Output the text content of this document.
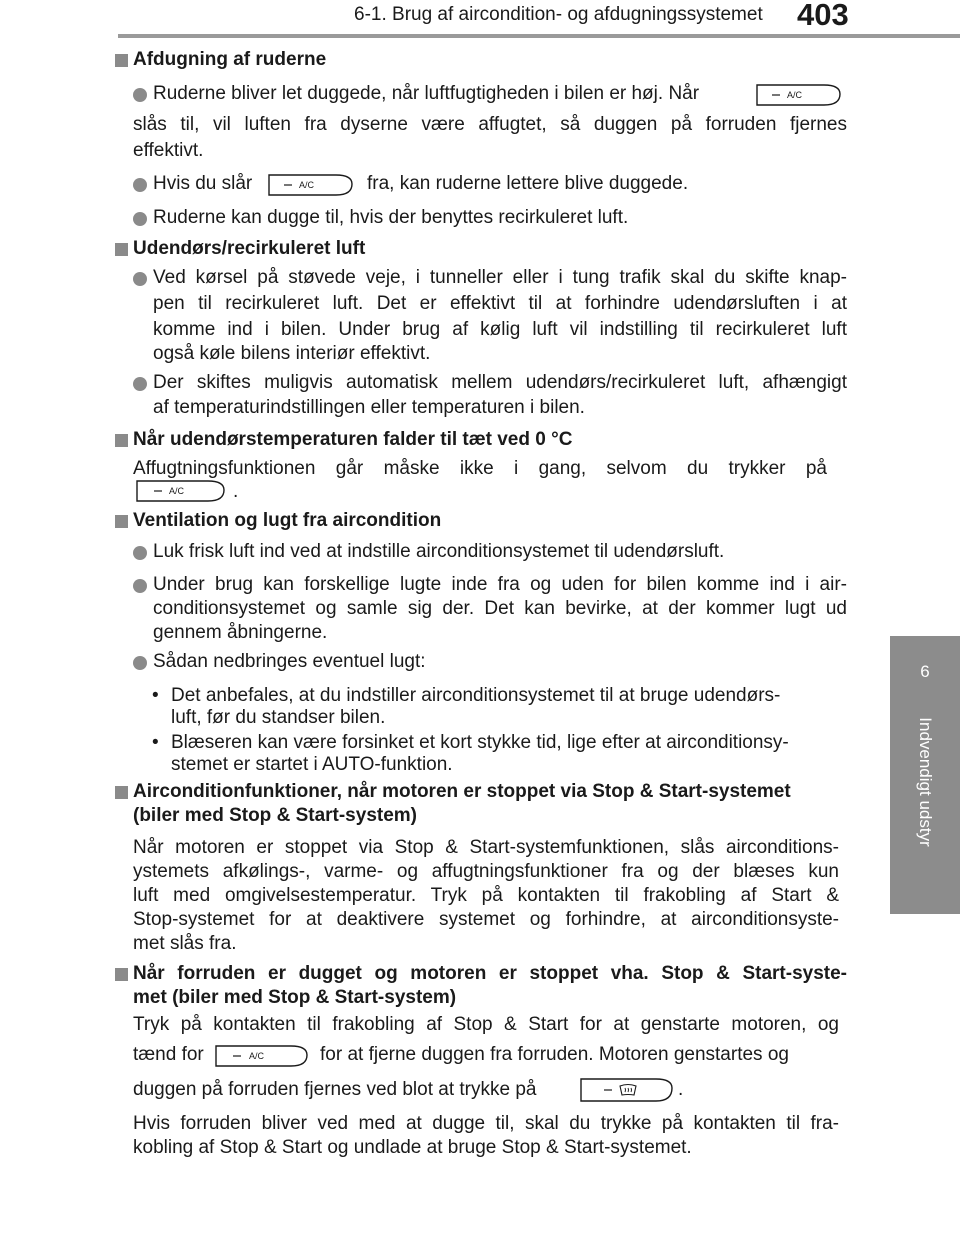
6-1. Brug af aircondition- og afdugningssystemet 403
6
Indvendigt udstyr
Afdugning af ruderne
Ruderne bliver let duggede, når luftfugtigheden i bilen er høj. Når	A/C
slås til, vil luften fra dyserne være affugtet, så duggen på forruden fjernes
effektivt.
Hvis du slår	A/C	fra, kan ruderne lettere blive duggede.
Ruderne kan dugge til, hvis der benyttes recirkuleret luft.
Udendørs/recirkuleret luft
Ved kørsel på støvede veje, i tunneller eller i tung trafik skal du skifte knap-
pen til recirkuleret luft. Det er effektivt til at forhindre udendørsluften i at
komme ind i bilen. Under brug af kølig luft vil indstilling til recirkuleret luft
også køle bilens interiør effektivt.
Der skiftes muligvis automatisk mellem udendørs/recirkuleret luft, afhængigt
af temperaturindstillingen eller temperaturen i bilen.
Når udendørstemperaturen falder til tæt ved 0 °C
Affugtningsfunktionen går måske ikke i gang, selvom du trykker på
A/C	.
Ventilation og lugt fra aircondition
Luk frisk luft ind ved at indstille airconditionsystemet til udendørsluft.
Under brug kan forskellige lugte inde fra og uden for bilen komme ind i air-
conditionsystemet og samle sig der. Det kan bevirke, at der kommer lugt ud
gennem åbningerne.
Sådan nedbringes eventuel lugt:
• Det anbefales, at du indstiller airconditionsystemet til at bruge udendørs-
luft, før du standser bilen.
• Blæseren kan være forsinket et kort stykke tid, lige efter at airconditionsy-
stemet er startet i AUTO-funktion.
Airconditionfunktioner, når motoren er stoppet via Stop & Start-systemet
(biler med Stop & Start-system)
Når motoren er stoppet via Stop & Start-systemfunktionen, slås airconditions-
ystemets afkølings-, varme- og affugtningsfunktioner fra og der blæses kun
luft med omgivelsestemperatur. Tryk på kontakten til frakobling af Start &
Stop-systemet for at deaktivere systemet og forhindre, at airconditionsyste-
met slås fra.
Når forruden er dugget og motoren er stoppet vha. Stop & Start-syste-
met (biler med Stop & Start-system)
Tryk på kontakten til frakobling af Stop & Start for at genstarte motoren, og
tænd for	A/C	for at fjerne duggen fra forruden. Motoren genstartes og
duggen på forruden fjernes ved blot at trykke på	.
Hvis forruden bliver ved med at dugge til, skal du trykke på kontakten til fra-
kobling af Stop & Start og undlade at bruge Stop & Start-systemet.
